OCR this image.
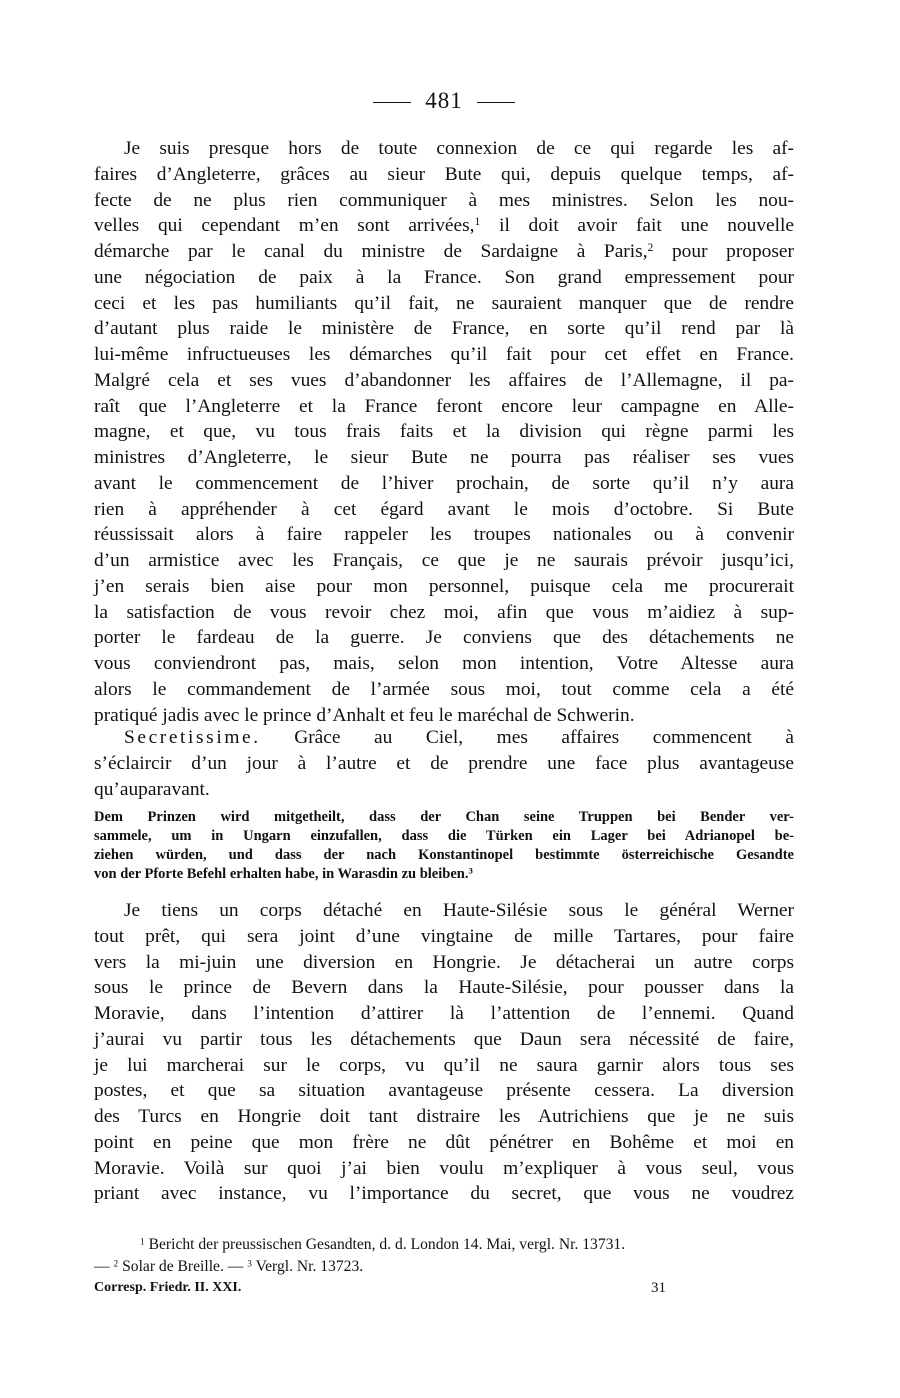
481
Je suis presque hors de toute connexion de ce qui regarde les af-
faires d’Angleterre, grâces au sieur Bute qui, depuis quelque temps, af-
fecte de ne plus rien communiquer à mes ministres. Selon les nou-
velles qui cependant m’en sont arrivées,$^1$ il doit avoir fait une nouvelle
démarche par le canal du ministre de Sardaigne à Paris,$^2$ pour proposer
une négociation de paix à la France. Son grand empressement pour
ceci et les pas humiliants qu’il fait, ne sauraient manquer que de rendre
d’autant plus raide le ministère de France, en sorte qu’il rend par là
lui-même infructueuses les démarches qu’il fait pour cet effet en France.
Malgré cela et ses vues d’abandonner les affaires de l’Allemagne, il pa-
raît que l’Angleterre et la France feront encore leur campagne en Alle-
magne, et que, vu tous frais faits et la division qui règne parmi les
ministres d’Angleterre, le sieur Bute ne pourra pas réaliser ses vues
avant le commencement de l’hiver prochain, de sorte qu’il n’y aura
rien à appréhender à cet égard avant le mois d’octobre. Si Bute
réussissait alors à faire rappeler les troupes nationales ou à convenir
d’un armistice avec les Français, ce que je ne saurais prévoir jusqu’ici,
j’en serais bien aise pour mon personnel, puisque cela me procurerait
la satisfaction de vous revoir chez moi, afin que vous m’aidiez à sup-
porter le fardeau de la guerre. Je conviens que des détachements ne
vous conviendront pas, mais, selon mon intention, Votre Altesse aura
alors le commandement de l’armée sous moi, tout comme cela a été
pratiqué jadis avec le prince d’Anhalt et feu le maréchal de Schwerin.
Secretissime. Grâce au Ciel, mes affaires commencent à
s’éclaircir d’un jour à l’autre et de prendre une face plus avantageuse
qu’auparavant.
Dem Prinzen wird mitgetheilt, dass der Chan seine Truppen bei Bender ver-
sammele, um in Ungarn einzufallen, dass die Türken ein Lager bei Adrianopel be-
ziehen würden, und dass der nach Konstantinopel bestimmte österreichische Gesandte
von der Pforte Befehl erhalten habe, in Warasdin zu bleiben.$^3$
Je tiens un corps détaché en Haute-Silésie sous le général Werner
tout prêt, qui sera joint d’une vingtaine de mille Tartares, pour faire
vers la mi-juin une diversion en Hongrie. Je détacherai un autre corps
sous le prince de Bevern dans la Haute-Silésie, pour pousser dans la
Moravie, dans l’intention d’attirer là l’attention de l’ennemi. Quand
j’aurai vu partir tous les détachements que Daun sera nécessité de faire,
je lui marcherai sur le corps, vu qu’il ne saura garnir alors tous ses
postes, et que sa situation avantageuse présente cessera. La diversion
des Turcs en Hongrie doit tant distraire les Autrichiens que je ne suis
point en peine que mon frère ne dût pénétrer en Bohême et moi en
Moravie. Voilà sur quoi j’ai bien voulu m’expliquer à vous seul, vous
priant avec instance, vu l’importance du secret, que vous ne voudrez
$^1$ Bericht der preussischen Gesandten, d. d. London 14. Mai, vergl. Nr. 13731.
— $^2$ Solar de Breille. — $^3$ Vergl. Nr. 13723.
Corresp. Friedr. II. XXI.	31
